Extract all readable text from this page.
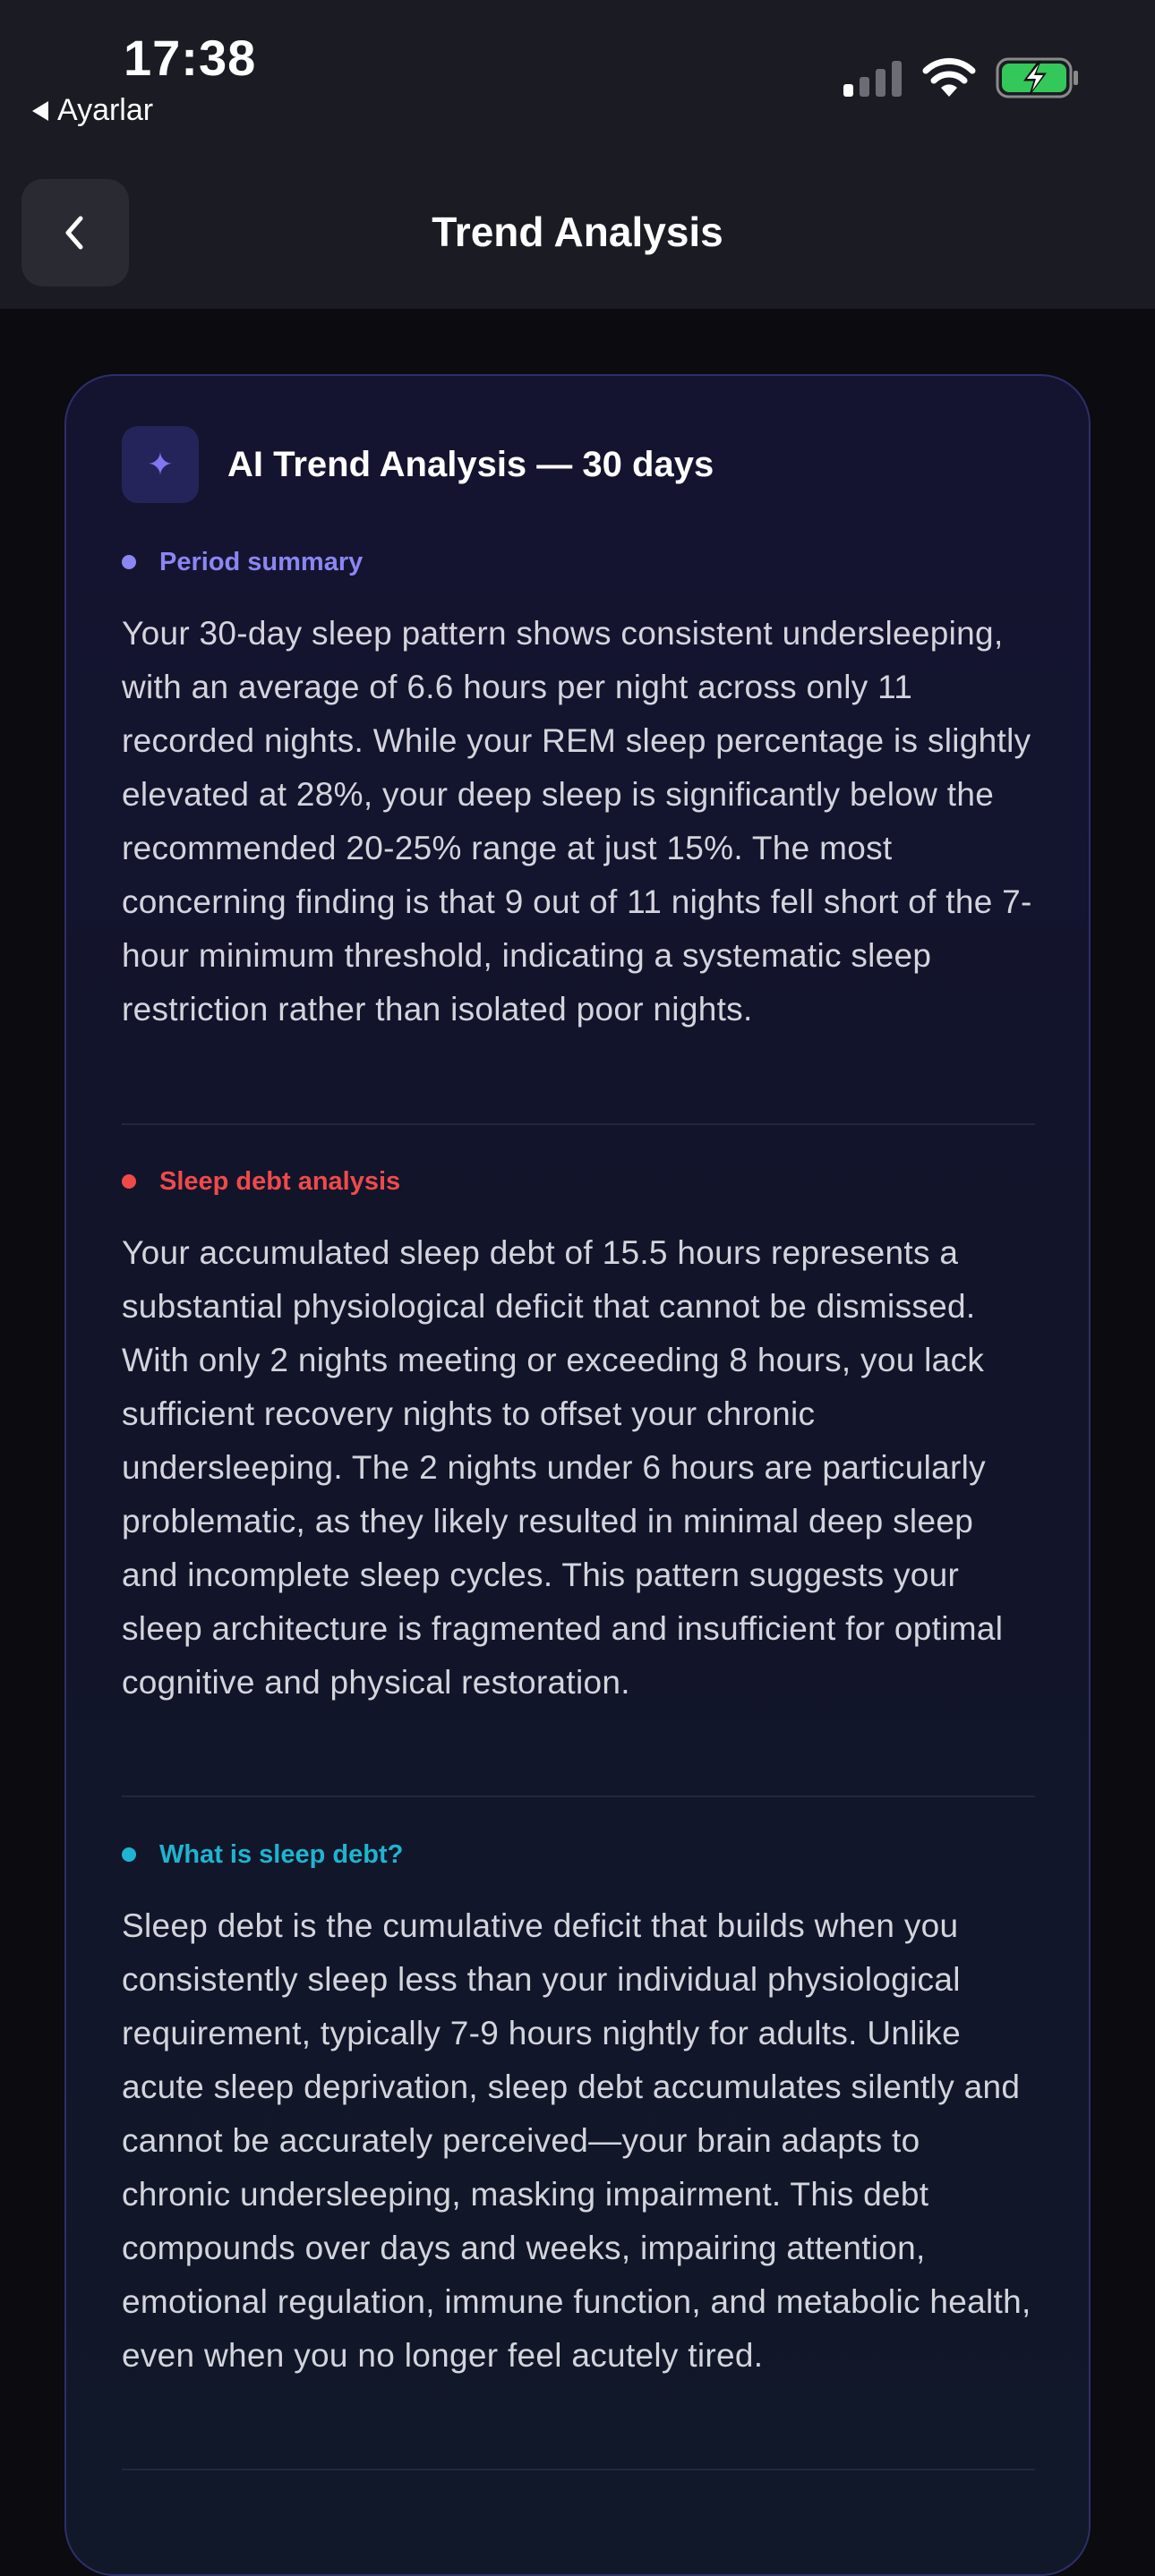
17:38
Ayarlar
Trend Analysis
✦	AI Trend Analysis — 30 days
Period summary
Your 30-day sleep pattern shows consistent undersleeping, with an average of 6.6 hours per night across only 11 recorded nights. While your REM sleep percentage is slightly elevated at 28%, your deep sleep is significantly below the recommended 20-25% range at just 15%. The most concerning finding is that 9 out of 11 nights fell short of the 7-hour minimum threshold, indicating a systematic sleep restriction rather than isolated poor nights.
Sleep debt analysis
Your accumulated sleep debt of 15.5 hours represents a substantial physiological deficit that cannot be dismissed. With only 2 nights meeting or exceeding 8 hours, you lack sufficient recovery nights to offset your chronic undersleeping. The 2 nights under 6 hours are particularly problematic, as they likely resulted in minimal deep sleep and incomplete sleep cycles. This pattern suggests your sleep architecture is fragmented and insufficient for optimal cognitive and physical restoration.
What is sleep debt?
Sleep debt is the cumulative deficit that builds when you consistently sleep less than your individual physiological requirement, typically 7-9 hours nightly for adults. Unlike acute sleep deprivation, sleep debt accumulates silently and cannot be accurately perceived—your brain adapts to chronic undersleeping, masking impairment. This debt compounds over days and weeks, impairing attention, emotional regulation, immune function, and metabolic health, even when you no longer feel acutely tired.
